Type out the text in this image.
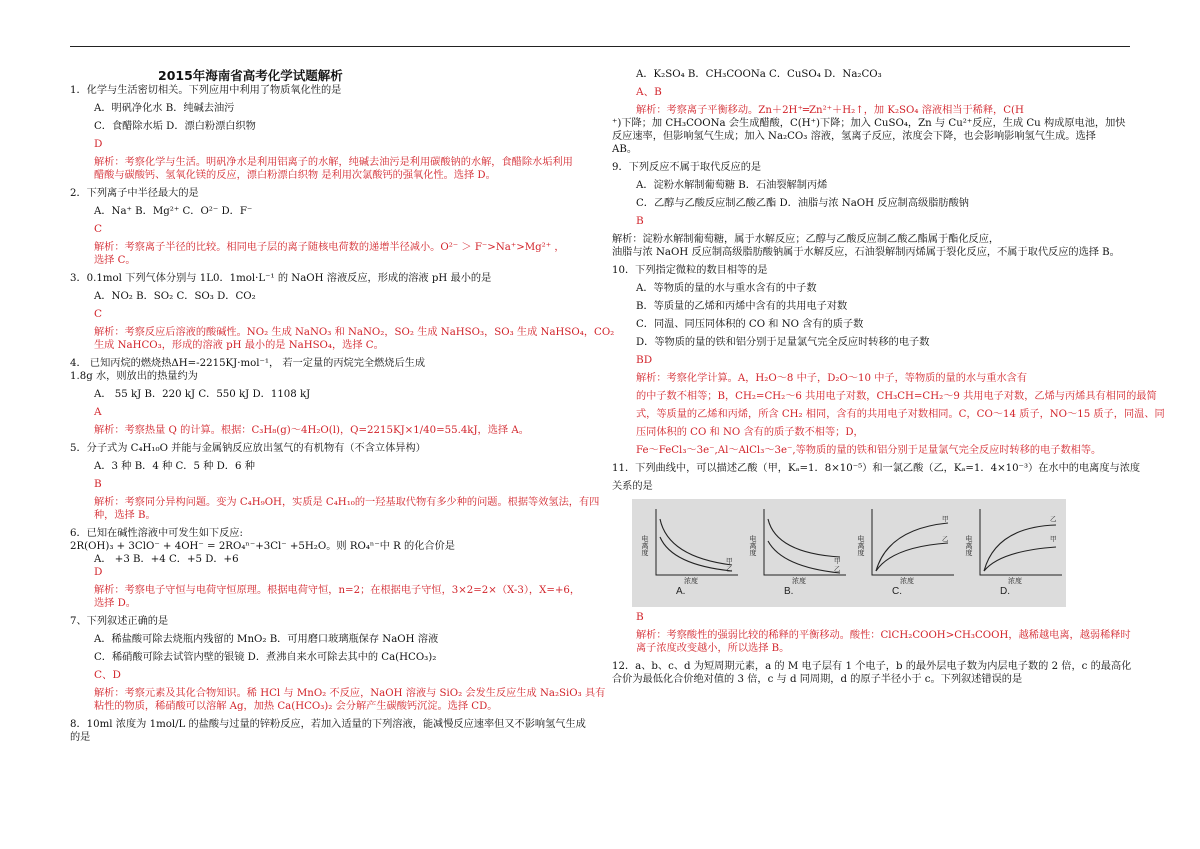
2015年海南省高考化学试题解析
1．化学与生活密切相关。下列应用中利用了物质氧化性的是
A．明矾净化水 B．纯碱去油污
C．食醋除水垢 D．漂白粉漂白织物
D
解析：考察化学与生活。明矾净水是利用铝离子的水解，纯碱去油污是利用碳酸钠的水解，食醋除水垢利用
醋酸与碳酸钙、氢氧化镁的反应，漂白粉漂白织物 是利用次氯酸钙的强氧化性。选择 D。
2．下列离子中半径最大的是
A．Na⁺ B．Mg²⁺ C．O²⁻ D．F⁻
C
解析：考察离子半径的比较。相同电子层的离子随核电荷数的递增半径减小。O²⁻ ＞ F⁻>Na⁺>Mg²⁺ ，
选择 C。
3．0.1mol 下列气体分别与 1L0．1mol·L⁻¹ 的 NaOH 溶液反应，形成的溶液 pH 最小的是
A．NO₂ B．SO₂ C．SO₃ D．CO₂
C
解析：考察反应后溶液的酸碱性。NO₂ 生成 NaNO₃ 和 NaNO₂，SO₂ 生成 NaHSO₃，SO₃ 生成 NaHSO₄，CO₂
生成 NaHCO₃，形成的溶液 pH 最小的是 NaHSO₄，选择 C。
4． 已知丙烷的燃烧热ΔH=-2215KJ·mol⁻¹， 若一定量的丙烷完全燃烧后生成
1.8g 水，则放出的热量约为
A． 55 kJ B．220 kJ C．550 kJ D．1108 kJ
A
解析：考察热量 Q 的计算。根据：C₃H₈(g)～4H₂O(l)，Q=2215KJ×1/40=55.4kJ，选择 A。
5．分子式为 C₄H₁₀O 并能与金属钠反应放出氢气的有机物有（不含立体异构）
A．3 种 B．4 种 C．5 种 D．6 种
B
解析：考察同分异构问题。变为 C₄H₉OH，实质是 C₄H₁₀的一羟基取代物有多少种的问题。根据等效氢法，有四
种，选择 B。
6．已知在碱性溶液中可发生如下反应:
2R(OH)₃ + 3ClO⁻ + 4OH⁻ = 2RO₄ⁿ⁻+3Cl⁻ +5H₂O。则 RO₄ⁿ⁻中 R 的化合价是
A． +3 B．+4 C．+5 D．+6
D
解析：考察电子守恒与电荷守恒原理。根据电荷守恒，n=2；在根据电子守恒，3×2=2×（X-3），X=+6，
选择 D。
7、下列叙述正确的是
A．稀盐酸可除去烧瓶内残留的 MnO₂ B．可用磨口玻璃瓶保存 NaOH 溶液
C．稀硝酸可除去试管内壁的银镜 D．煮沸自来水可除去其中的 Ca(HCO₃)₂
C、D
解析：考察元素及其化合物知识。稀 HCl 与 MnO₂ 不反应，NaOH 溶液与 SiO₂ 会发生反应生成 Na₂SiO₃ 具有
粘性的物质，稀硝酸可以溶解 Ag，加热 Ca(HCO₃)₂ 会分解产生碳酸钙沉淀。选择 CD。
8．10ml 浓度为 1mol/L 的盐酸与过量的锌粉反应，若加入适量的下列溶液，能减慢反应速率但又不影响氢气生成
的是
A．K₂SO₄ B．CH₃COONa C．CuSO₄ D．Na₂CO₃
A、B
解析：考察离子平衡移动。Zn＋2H⁺═Zn²⁺＋H₂↑，加 K₂SO₄ 溶液相当于稀释，C(H
⁺)下降；加 CH₃COONa 会生成醋酸，C(H⁺)下降；加入 CuSO₄，Zn 与 Cu²⁺反应，生成 Cu 构成原电池，加快
反应速率，但影响氢气生成；加入 Na₂CO₃ 溶液，氢离子反应，浓度会下降，也会影响影响氢气生成。选择
AB。
9．下列反应不属于取代反应的是
A．淀粉水解制葡萄糖 B．石油裂解制丙烯
C．乙醇与乙酸反应制乙酸乙酯 D．油脂与浓 NaOH 反应制高级脂肪酸钠
B
解析：淀粉水解制葡萄糖，属于水解反应；乙醇与乙酸反应制乙酸乙酯属于酯化反应，
油脂与浓 NaOH 反应制高级脂肪酸钠属于水解反应，石油裂解制丙烯属于裂化反应，不属于取代反应的选择 B。
10．下列指定微粒的数目相等的是
A．等物质的量的水与重水含有的中子数
B．等质量的乙烯和丙烯中含有的共用电子对数
C．同温、同压同体积的 CO 和 NO 含有的质子数
D．等物质的量的铁和铝分别于足量氯气完全反应时转移的电子数
BD
解析：考察化学计算。A，H₂O～8 中子，D₂O～10 中子，等物质的量的水与重水含有
的中子数不相等；B，CH₂=CH₂～6 共用电子对数，CH₃CH=CH₂～9 共用电子对数，乙烯与丙烯具有相同的最简
式，等质量的乙烯和丙烯，所含 CH₂ 相同，含有的共用电子对数相同。C，CO～14 质子，NO～15 质子，同温、同
压同体积的 CO 和 NO 含有的质子数不相等；D，
Fe～FeCl₃～3e⁻,Al～AlCl₃～3e⁻,等物质的量的铁和铝分别于足量氯气完全反应时转移的电子数相等。
11．下列曲线中，可以描述乙酸（甲，Kₐ=1．8×10⁻⁵）和一氯乙酸（乙，Kₐ=1．4×10⁻³）在水中的电离度与浓度
关系的是
电离度
浓度
甲
乙
A.
电离度
浓度
甲
乙
B.
电离度
浓度
甲
乙
C.
电离度
浓度
乙
甲
D.
B
解析：考察酸性的强弱比较的稀释的平衡移动。酸性：ClCH₂COOH>CH₃COOH，越稀越电离，越弱稀释时
离子浓度改变越小，所以选择 B。
12．a、b、c、d 为短周期元素，a 的 M 电子层有 1 个电子，b 的最外层电子数为内层电子数的 2 倍，c 的最高化
合价为最低化合价绝对值的 3 倍，c 与 d 同周期，d 的原子半径小于 c。下列叙述错误的是
